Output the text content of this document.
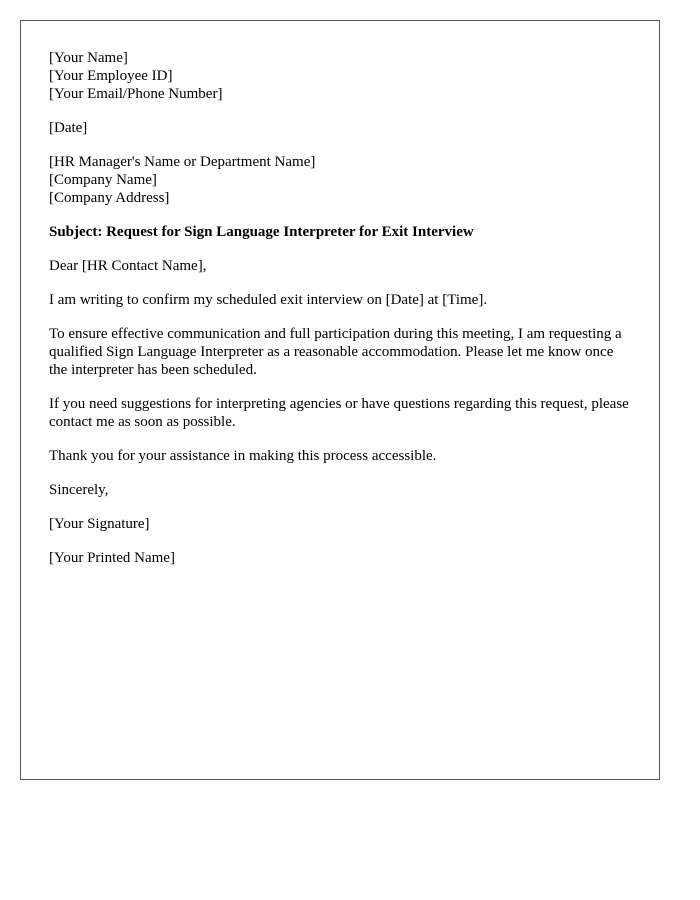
[Your Name]
[Your Employee ID]
[Your Email/Phone Number]
[Date]
[HR Manager's Name or Department Name]
[Company Name]
[Company Address]

Subject: Request for Sign Language Interpreter for Exit Interview

Dear [HR Contact Name],

I am writing to confirm my scheduled exit interview on [Date] at [Time].

To ensure effective communication and full participation during this meeting, I am requesting a qualified Sign Language Interpreter as a reasonable accommodation. Please let me know once the interpreter has been scheduled.

If you need suggestions for interpreting agencies or have questions regarding this request, please contact me as soon as possible.

Thank you for your assistance in making this process accessible.

Sincerely,

[Your Signature]

[Your Printed Name]
